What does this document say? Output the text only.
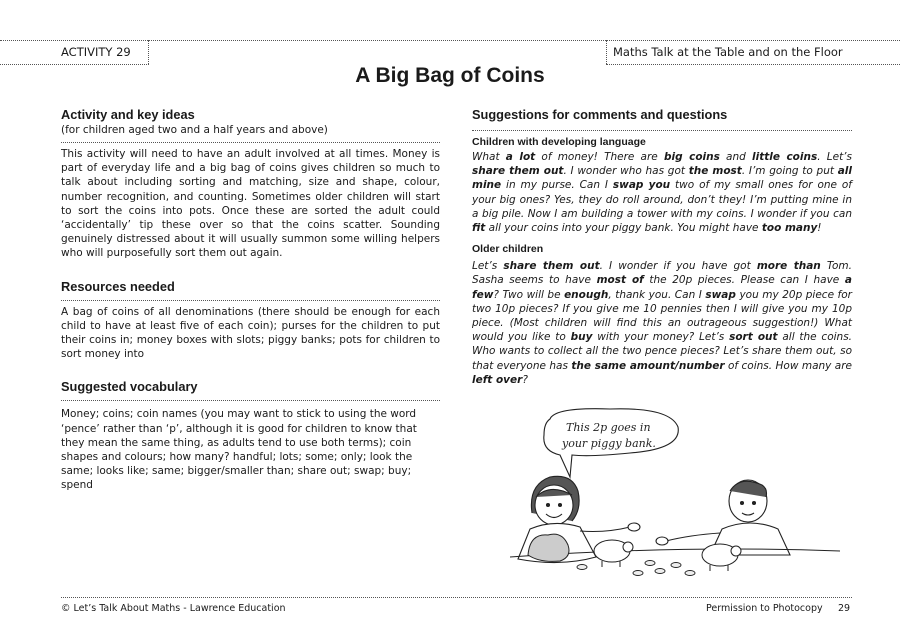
ACTIVITY 29	Maths Talk at the Table and on the Floor
A Big Bag of Coins
Activity and key ideas

(for children aged two and a half years and above)

This activity will need to have an adult involved at all times. Money is part of everyday life and a big bag of coins gives children so much to talk about including sorting and matching, size and shape, colour, number recognition, and counting. Sometimes older children will start to sort the coins into pots. Once these are sorted the adult could ‘accidentally’ tip these over so that the coins scatter. Sounding genuinely distressed about it will usually summon some willing helpers who will purposefully sort them out again.

Resources needed

A bag of coins of all denominations (there should be enough for each child to have at least five of each coin); purses for the children to put their coins in; money boxes with slots; piggy banks; pots for children to sort money into

Suggested vocabulary

Money; coins; coin names (you may want to stick to using the word ‘pence’ rather than ‘p’, although it is good for children to know that they mean the same thing, as adults tend to use both terms); coin shapes and colours; how many? handful; lots; some; only; look the same; looks like; same; bigger/smaller than; share out; swap; buy; spend

Suggestions for comments and questions
Children with developing language

What a lot of money! There are big coins and little coins. Let’s share them out. I wonder who has got the most. I’m going to put all mine in my purse. Can I swap you two of my small ones for one of your big ones? Yes, they do roll around, don’t they! I’m putting mine in a big pile. Now I am building a tower with my coins. I wonder if you can fit all your coins into your piggy bank. You might have too many!

Older children

Let’s share them out. I wonder if you have got more than Tom. Sasha seems to have most of the 20p pieces. Please can I have a few? Two will be enough, thank you. Can I swap you my 20p piece for two 10p pieces? If you give me 10 pennies then I will give you my 10p piece. (Most children will find this an outrageous suggestion!) What would you like to buy with your money? Let’s sort out all the coins. Who wants to collect all the two pence pieces? Let’s share them out, so that everyone has the same amount/number of coins. How many are left over?

This 2p goes in
your piggy bank.
© Let’s Talk About Maths - Lawrence Education	Permission to Photocopy 29
